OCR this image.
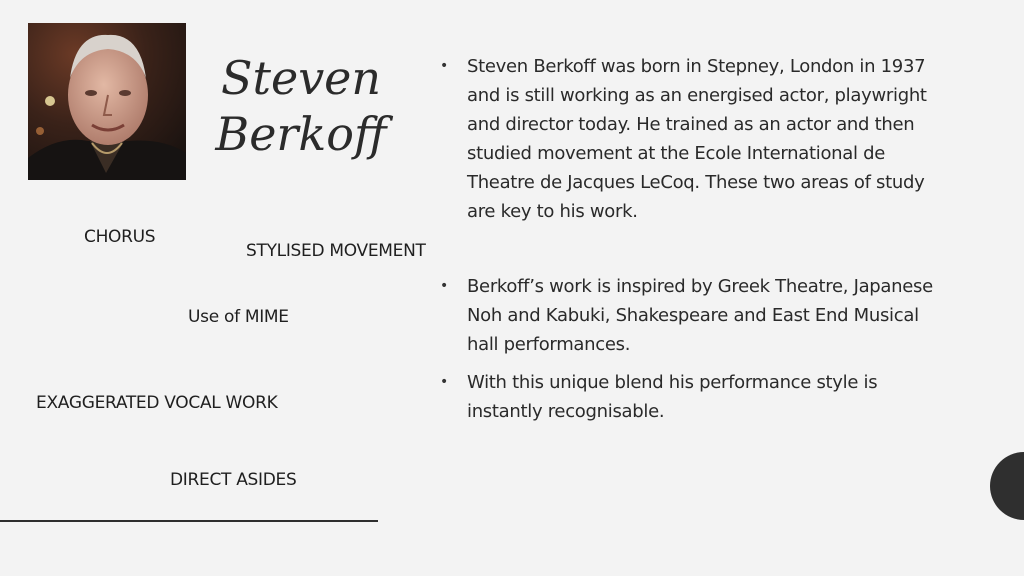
Steven
Berkoff
CHORUS
STYLISED MOVEMENT
Use of MIME
EXAGGERATED VOCAL WORK
DIRECT ASIDES
• Steven Berkoff was born in Stepney, London in 1937 and is still working as an energised actor, playwright and director today. He trained as an actor and then studied movement at the Ecole International de Theatre de Jacques LeCoq. These two areas of study are key to his work.
• Berkoff’s work is inspired by Greek Theatre, Japanese Noh and Kabuki, Shakespeare and East End Musical hall performances.
• With this unique blend his performance style is instantly recognisable.
